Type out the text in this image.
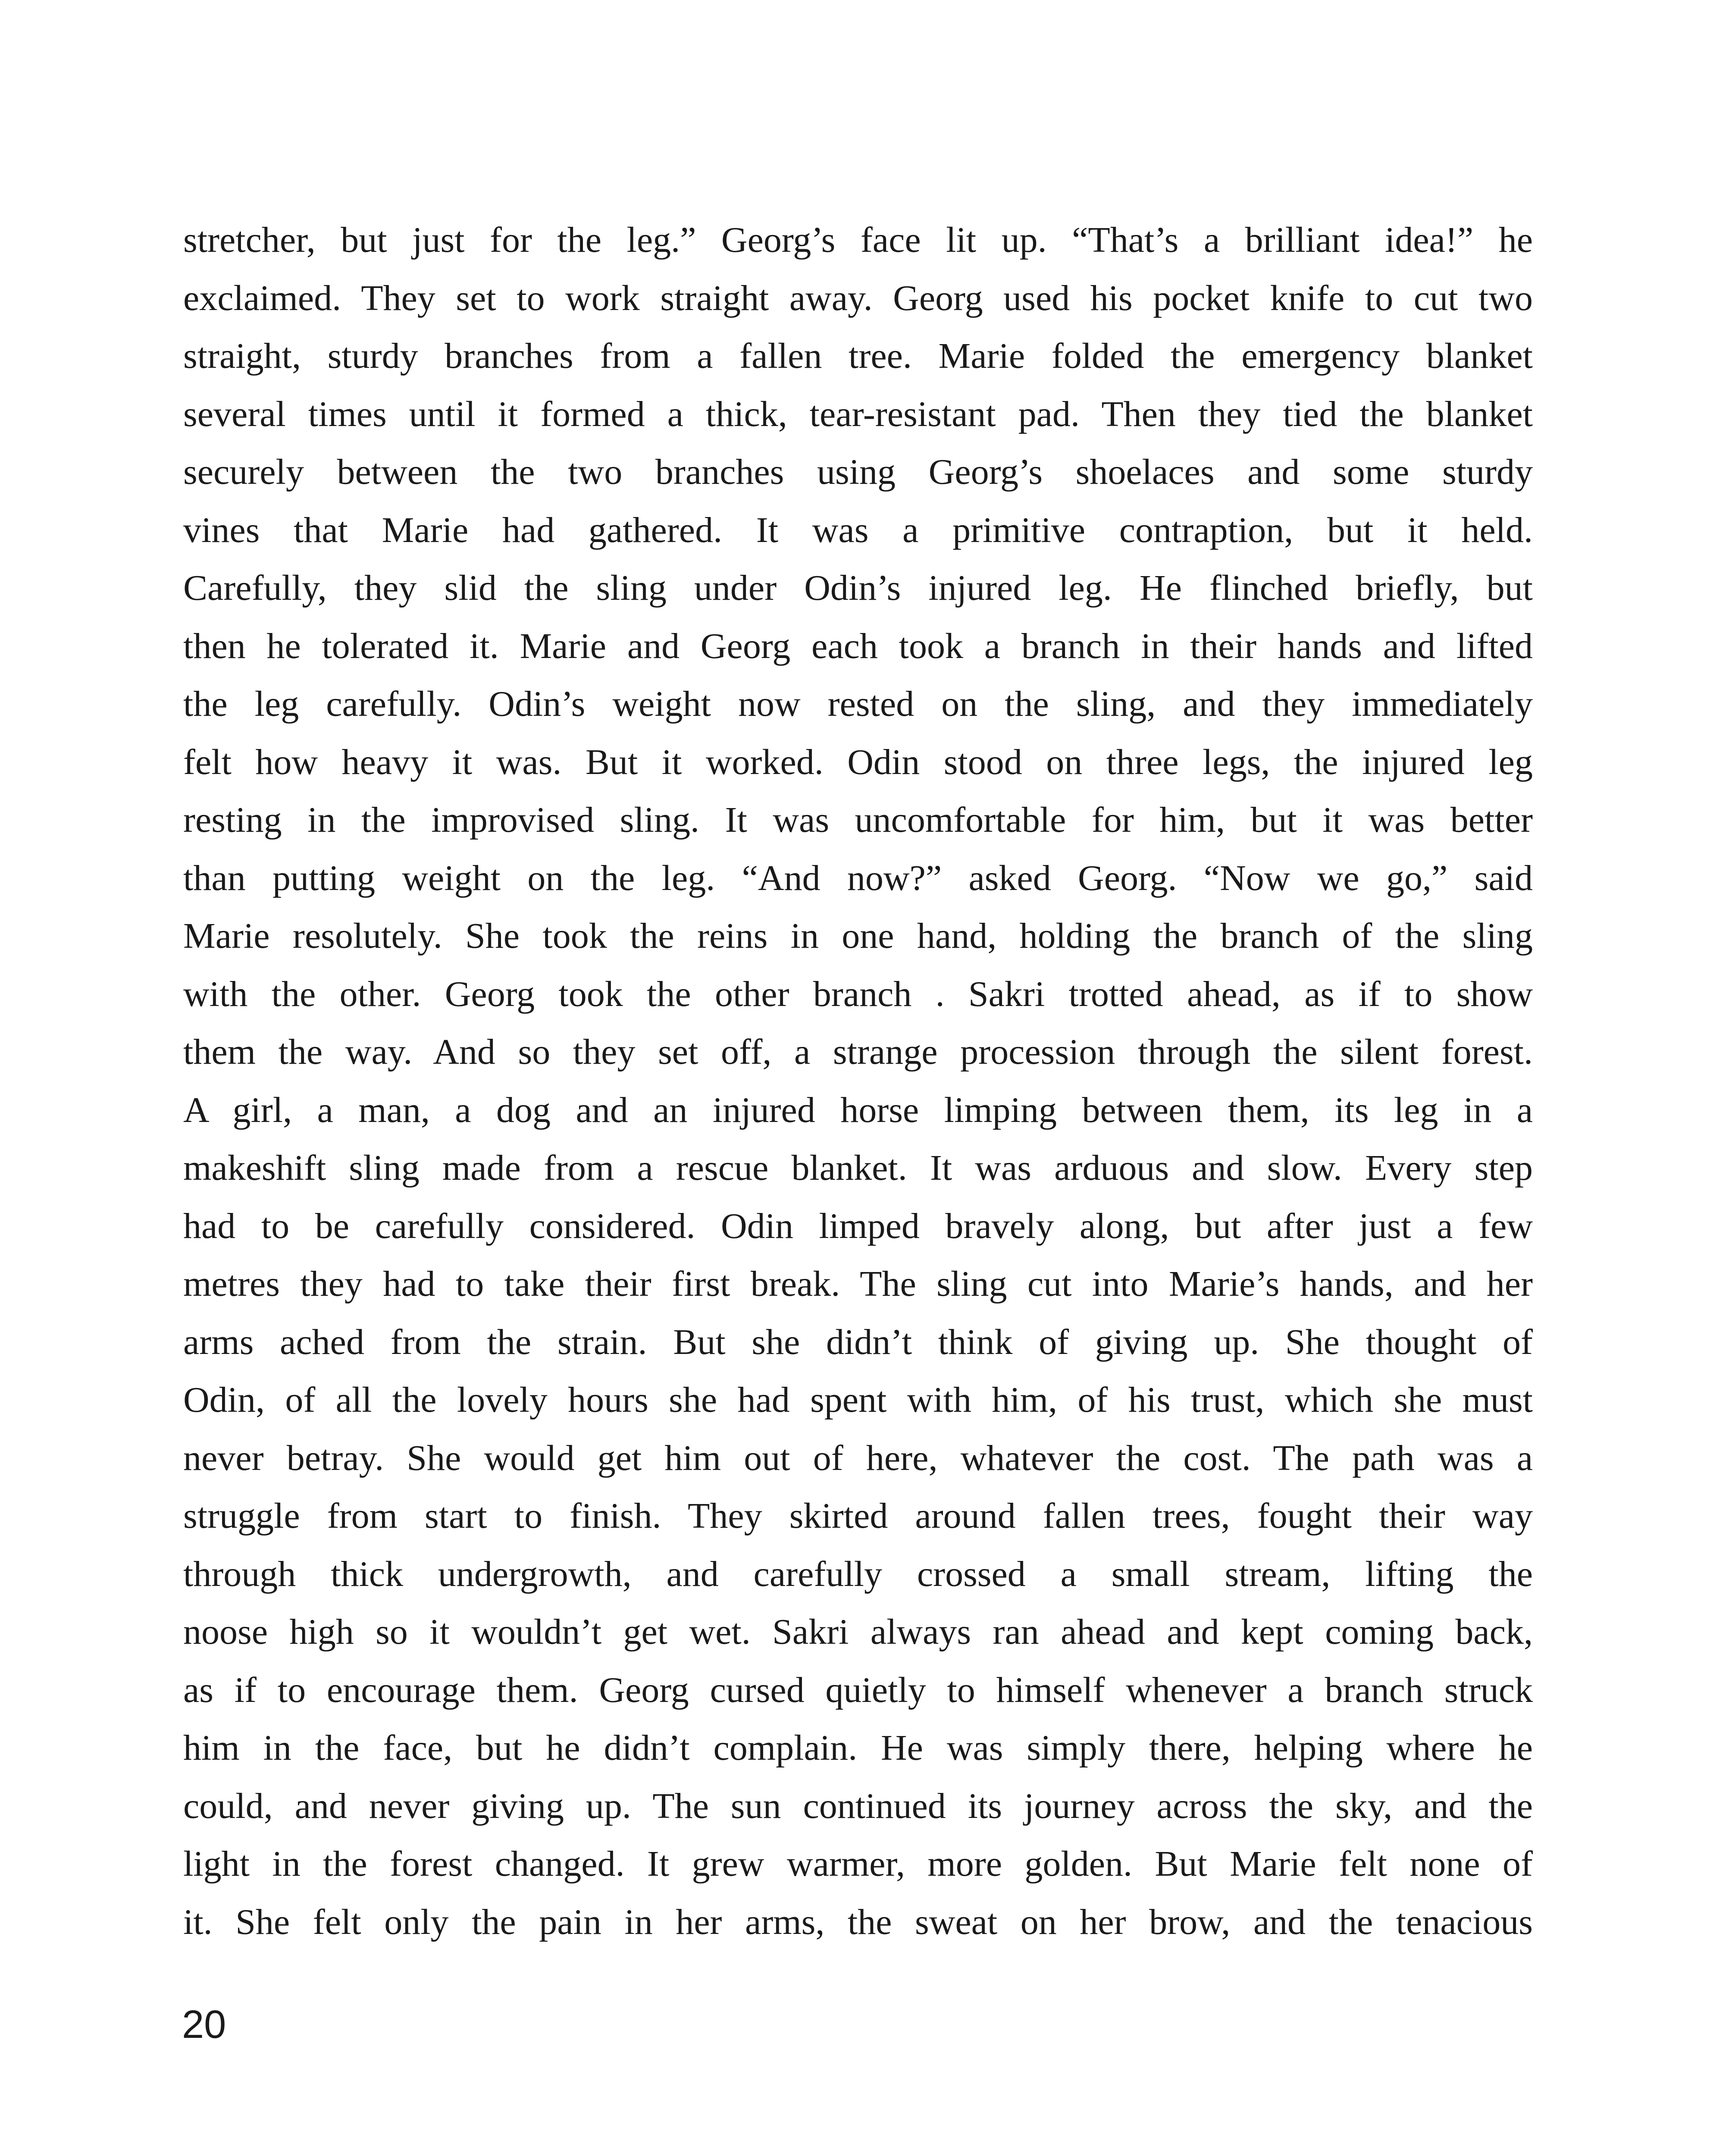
stretcher, but just for the leg.” Georg’s face lit up. “That’s a brilliant idea!” he
exclaimed. They set to work straight away. Georg used his pocket knife to cut two
straight, sturdy branches from a fallen tree. Marie folded the emergency blanket
several times until it formed a thick, tear-resistant pad. Then they tied the blanket
securely between the two branches using Georg’s shoelaces and some sturdy
vines that Marie had gathered. It was a primitive contraption, but it held.
Carefully, they slid the sling under Odin’s injured leg. He flinched briefly, but
then he tolerated it. Marie and Georg each took a branch in their hands and lifted
the leg carefully. Odin’s weight now rested on the sling, and they immediately
felt how heavy it was. But it worked. Odin stood on three legs, the injured leg
resting in the improvised sling. It was uncomfortable for him, but it was better
than putting weight on the leg. “And now?” asked Georg. “Now we go,” said
Marie resolutely. She took the reins in one hand, holding the branch of the sling
with the other. Georg took the other branch . Sakri trotted ahead, as if to show
them the way. And so they set off, a strange procession through the silent forest.
A girl, a man, a dog and an injured horse limping between them, its leg in a
makeshift sling made from a rescue blanket. It was arduous and slow. Every step
had to be carefully considered. Odin limped bravely along, but after just a few
metres they had to take their first break. The sling cut into Marie’s hands, and her
arms ached from the strain. But she didn’t think of giving up. She thought of
Odin, of all the lovely hours she had spent with him, of his trust, which she must
never betray. She would get him out of here, whatever the cost. The path was a
struggle from start to finish. They skirted around fallen trees, fought their way
through thick undergrowth, and carefully crossed a small stream, lifting the
noose high so it wouldn’t get wet. Sakri always ran ahead and kept coming back,
as if to encourage them. Georg cursed quietly to himself whenever a branch struck
him in the face, but he didn’t complain. He was simply there, helping where he
could, and never giving up. The sun continued its journey across the sky, and the
light in the forest changed. It grew warmer, more golden. But Marie felt none of
it. She felt only the pain in her arms, the sweat on her brow, and the tenacious

20
